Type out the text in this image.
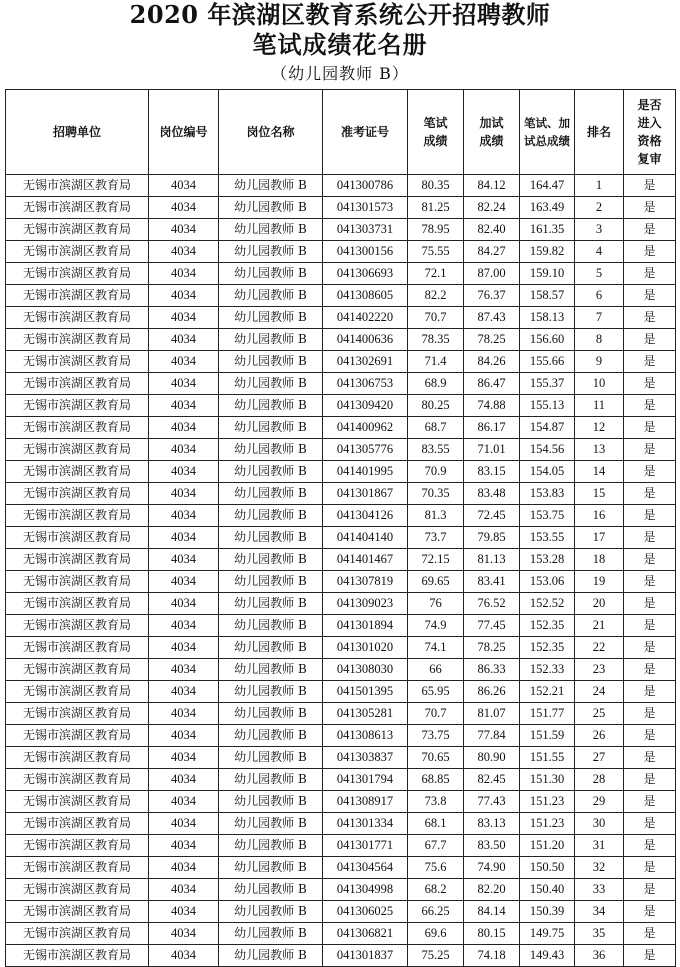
2020 年滨湖区教育系统公开招聘教师
笔试成绩花名册
（幼儿园教师 B）
招聘单位	岗位编号	岗位名称	准考证号	笔试成绩	加试成绩	笔试、加试总成绩	排名	是否进入资格复审
无锡市滨湖区教育局	4034	幼儿园教师 B	041300786	80.35	84.12	164.47	1	是
无锡市滨湖区教育局	4034	幼儿园教师 B	041301573	81.25	82.24	163.49	2	是
无锡市滨湖区教育局	4034	幼儿园教师 B	041303731	78.95	82.40	161.35	3	是
无锡市滨湖区教育局	4034	幼儿园教师 B	041300156	75.55	84.27	159.82	4	是
无锡市滨湖区教育局	4034	幼儿园教师 B	041306693	72.1	87.00	159.10	5	是
无锡市滨湖区教育局	4034	幼儿园教师 B	041308605	82.2	76.37	158.57	6	是
无锡市滨湖区教育局	4034	幼儿园教师 B	041402220	70.7	87.43	158.13	7	是
无锡市滨湖区教育局	4034	幼儿园教师 B	041400636	78.35	78.25	156.60	8	是
无锡市滨湖区教育局	4034	幼儿园教师 B	041302691	71.4	84.26	155.66	9	是
无锡市滨湖区教育局	4034	幼儿园教师 B	041306753	68.9	86.47	155.37	10	是
无锡市滨湖区教育局	4034	幼儿园教师 B	041309420	80.25	74.88	155.13	11	是
无锡市滨湖区教育局	4034	幼儿园教师 B	041400962	68.7	86.17	154.87	12	是
无锡市滨湖区教育局	4034	幼儿园教师 B	041305776	83.55	71.01	154.56	13	是
无锡市滨湖区教育局	4034	幼儿园教师 B	041401995	70.9	83.15	154.05	14	是
无锡市滨湖区教育局	4034	幼儿园教师 B	041301867	70.35	83.48	153.83	15	是
无锡市滨湖区教育局	4034	幼儿园教师 B	041304126	81.3	72.45	153.75	16	是
无锡市滨湖区教育局	4034	幼儿园教师 B	041404140	73.7	79.85	153.55	17	是
无锡市滨湖区教育局	4034	幼儿园教师 B	041401467	72.15	81.13	153.28	18	是
无锡市滨湖区教育局	4034	幼儿园教师 B	041307819	69.65	83.41	153.06	19	是
无锡市滨湖区教育局	4034	幼儿园教师 B	041309023	76	76.52	152.52	20	是
无锡市滨湖区教育局	4034	幼儿园教师 B	041301894	74.9	77.45	152.35	21	是
无锡市滨湖区教育局	4034	幼儿园教师 B	041301020	74.1	78.25	152.35	22	是
无锡市滨湖区教育局	4034	幼儿园教师 B	041308030	66	86.33	152.33	23	是
无锡市滨湖区教育局	4034	幼儿园教师 B	041501395	65.95	86.26	152.21	24	是
无锡市滨湖区教育局	4034	幼儿园教师 B	041305281	70.7	81.07	151.77	25	是
无锡市滨湖区教育局	4034	幼儿园教师 B	041308613	73.75	77.84	151.59	26	是
无锡市滨湖区教育局	4034	幼儿园教师 B	041303837	70.65	80.90	151.55	27	是
无锡市滨湖区教育局	4034	幼儿园教师 B	041301794	68.85	82.45	151.30	28	是
无锡市滨湖区教育局	4034	幼儿园教师 B	041308917	73.8	77.43	151.23	29	是
无锡市滨湖区教育局	4034	幼儿园教师 B	041301334	68.1	83.13	151.23	30	是
无锡市滨湖区教育局	4034	幼儿园教师 B	041301771	67.7	83.50	151.20	31	是
无锡市滨湖区教育局	4034	幼儿园教师 B	041304564	75.6	74.90	150.50	32	是
无锡市滨湖区教育局	4034	幼儿园教师 B	041304998	68.2	82.20	150.40	33	是
无锡市滨湖区教育局	4034	幼儿园教师 B	041306025	66.25	84.14	150.39	34	是
无锡市滨湖区教育局	4034	幼儿园教师 B	041306821	69.6	80.15	149.75	35	是
无锡市滨湖区教育局	4034	幼儿园教师 B	041301837	75.25	74.18	149.43	36	是
